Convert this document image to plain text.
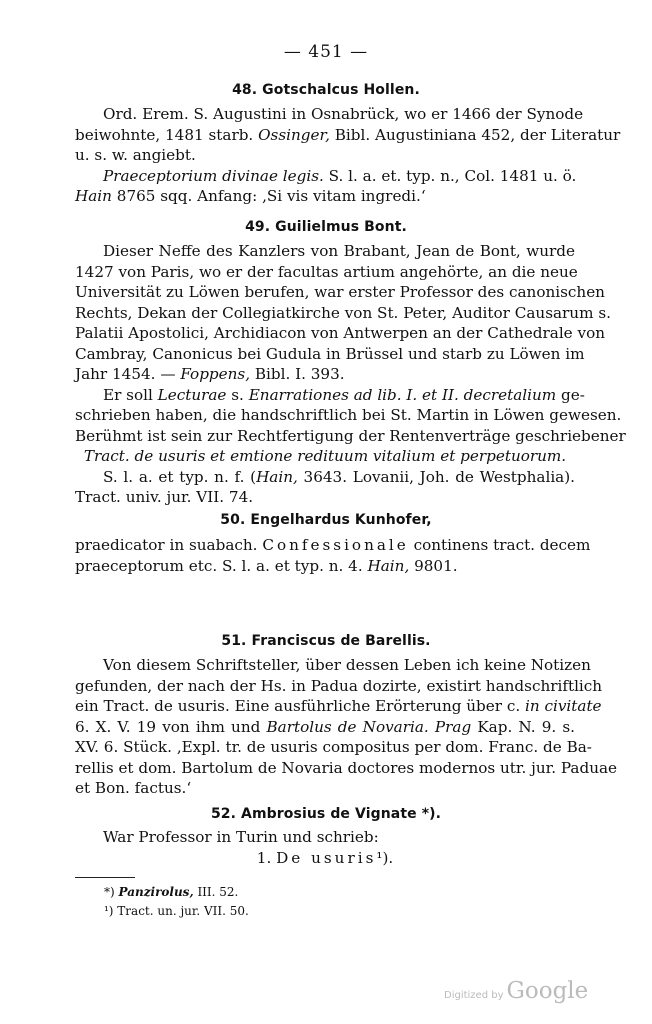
— 451 —
48. Gotschalcus Hollen.
Ord. Erem. S. Augustini in Osnabrück, wo er 1466 der Synode
beiwohnte, 1481 starb. Ossinger, Bibl. Augustiniana 452, der Literatur
u. s. w. angiebt.
Praeceptorium divinae legis. S. l. a. et. typ. n., Col. 1481 u. ö.
Hain 8765 sqq. Anfang: ‚Si vis vitam ingredi.‘
49. Guilielmus Bont.
Dieser Neffe des Kanzlers von Brabant, Jean de Bont, wurde
1427 von Paris, wo er der facultas artium angehörte, an die neue
Universität zu Löwen berufen, war erster Professor des canonischen
Rechts, Dekan der Collegiatkirche von St. Peter, Auditor Causarum s.
Palatii Apostolici, Archidiacon von Antwerpen an der Cathedrale von
Cambray, Canonicus bei Gudula in Brüssel und starb zu Löwen im
Jahr 1454. — Foppens, Bibl. I. 393.
Er soll Lecturae s. Enarrationes ad lib. I. et II. decretalium ge-
schrieben haben, die handschriftlich bei St. Martin in Löwen gewesen.
Berühmt ist sein zur Rechtfertigung der Rentenverträge geschriebener
Tract. de usuris et emtione redituum vitalium et perpetuorum.
S. l. a. et typ. n. f. (Hain, 3643. Lovanii, Joh. de Westphalia).
Tract. univ. jur. VII. 74.
50. Engelhardus Kunhofer,
praedicator in suabach. Confessionale continens tract. decem
praeceptorum etc. S. l. a. et typ. n. 4. Hain, 9801.
51. Franciscus de Barellis.
Von diesem Schriftsteller, über dessen Leben ich keine Notizen
gefunden, der nach der Hs. in Padua dozirte, existirt handschriftlich
ein Tract. de usuris. Eine ausführliche Erörterung über c. in civitate
6. X. V. 19 von ihm und Bartolus de Novaria. Prag Kap. N. 9. s.
XV. 6. Stück. ‚Expl. tr. de usuris compositus per dom. Franc. de Ba-
rellis et dom. Bartolum de Novaria doctores modernos utr. jur. Paduae
et Bon. factus.‘
52. Ambrosius de Vignate *).
War Professor in Turin und schrieb:
1. De usuris¹).
*) Panzirolus, III. 52.
¹) Tract. un. jur. VII. 50.
Digitized by Google
